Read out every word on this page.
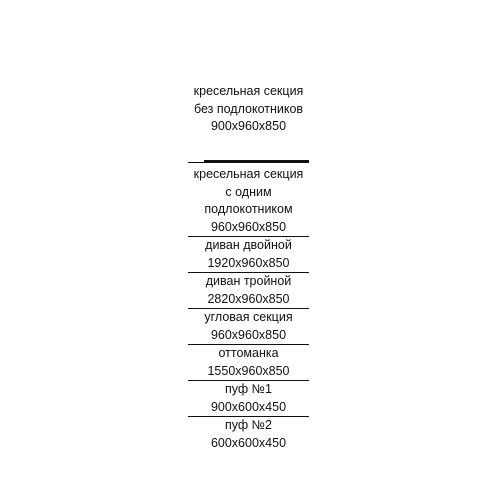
кресельная секция
без подлокотников
900x960x850
кресельная секция
с одним
подлокотником
960x960x850
диван двойной
1920x960x850
диван тройной
2820x960x850
угловая секция
960x960x850
оттоманка
1550x960x850
пуф №1
900x600x450
пуф №2
600x600x450
